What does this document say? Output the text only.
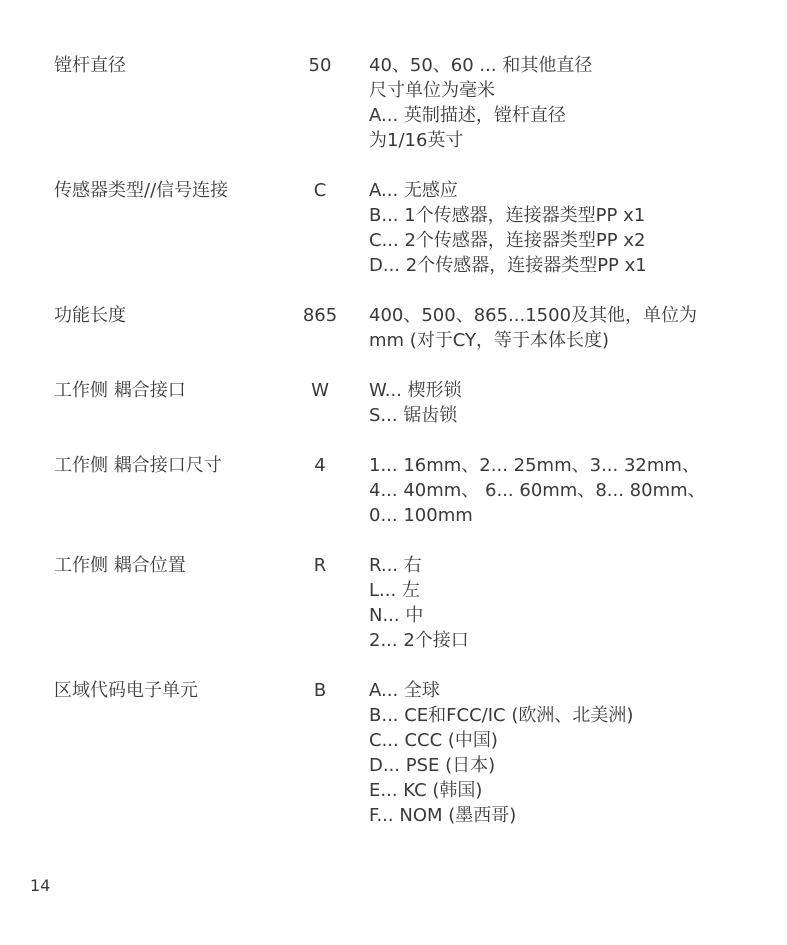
镗杆直径	50	40、50、60 ... 和其他直径
尺寸单位为毫米
A... 英制描述，镗杆直径
为1/16英寸
传感器类型//信号连接	C	A... 无感应
B... 1个传感器，连接器类型PP x1
C... 2个传感器，连接器类型PP x2
D... 2个传感器，连接器类型PP x1
功能长度	865	400、500、865...1500及其他，单位为
mm (对于CY，等于本体长度)
工作侧 耦合接口	W	W... 楔形锁
S... 锯齿锁
工作侧 耦合接口尺寸	4	1... 16mm、2... 25mm、3... 32mm、
4... 40mm、 6... 60mm、8... 80mm、
0... 100mm
工作侧 耦合位置	R	R... 右
L... 左
N... 中
2... 2个接口
区域代码电子单元	B	A... 全球
B... CE和FCC/IC (欧洲、北美洲)
C... CCC (中国)
D... PSE (日本)
E... KC (韩国)
F... NOM (墨西哥)
14
